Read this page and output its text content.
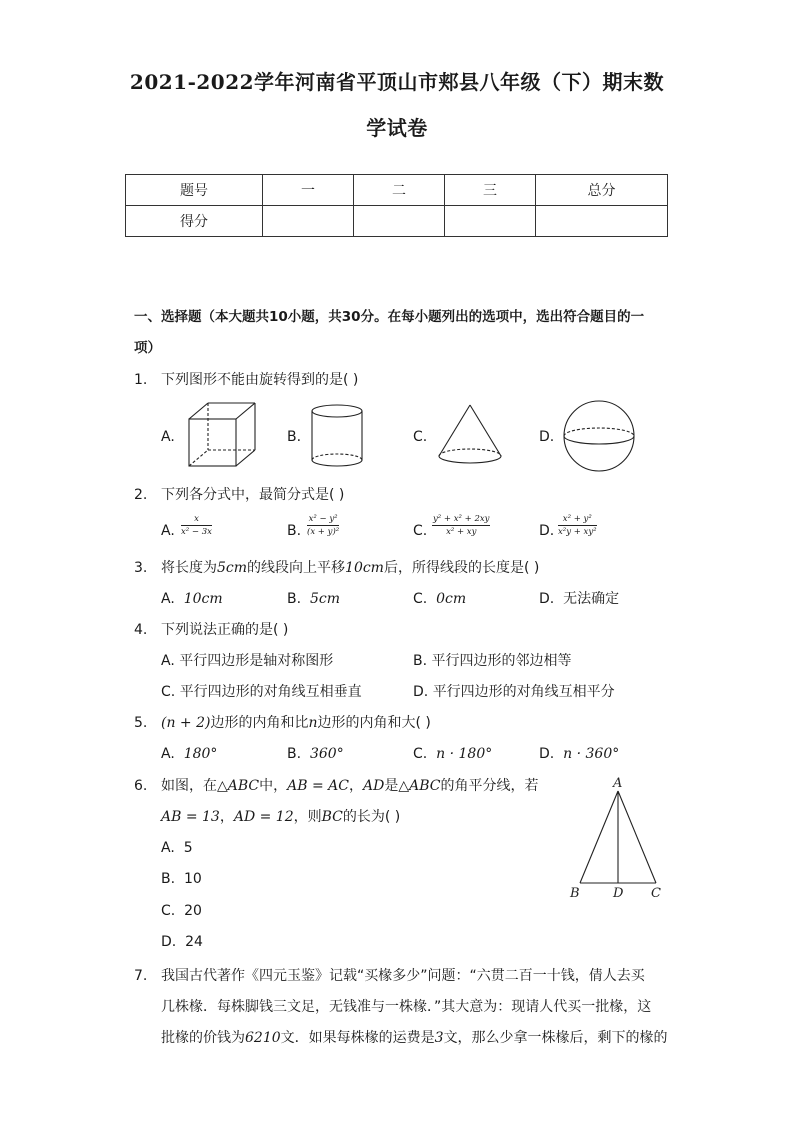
2021-2022学年河南省平顶山市郏县八年级（下）期末数
学试卷
题号	一	二	三	总分
得分				
一、选择题（本大题共10小题，共30分。在每小题列出的选项中，选出符合题目的一
项）
1. 下列图形不能由旋转得到的是( )
A.	B.	C.	D.
2. 下列各分式中，最简分式是( )
A. $\frac{x}{\text{x² − 3x}}$	B. $\frac{\text{x² − y²}}{\text{(x + y)²}}$	C. $\frac{\text{y² + x² + 2xy}}{\text{x² + xy}}$	D. $\frac{\text{x² + y²}}{\text{x²y + xy²}}$
3. 将长度为5cm的线段向上平移10cm后，所得线段的长度是( )
A. 10cm	B. 5cm	C. 0cm	D. 无法确定
4. 下列说法正确的是( )
A. 平行四边形是轴对称图形	B. 平行四边形的邻边相等
C. 平行四边形的对角线互相垂直	D. 平行四边形的对角线互相平分
5. (n + 2)边形的内角和比n边形的内角和大( )
A. 180°	B. 360°	C. n · 180°	D. n · 360°
6. 如图，在△ABC中，AB = AC，AD是△ABC的角平分线，若
AB = 13，AD = 12，则BC的长为( )
A. 5
B. 10
C. 20
D. 24
A
B	D C
7. 我国古代著作《四元玉鉴》记载“买椽多少”问题：“六贯二百一十钱，倩人去买
几株椽．每株脚钱三文足，无钱准与一株椽．”其大意为：现请人代买一批椽，这
批椽的价钱为6210文．如果每株椽的运费是3文，那么少拿一株椽后，剩下的椽的
